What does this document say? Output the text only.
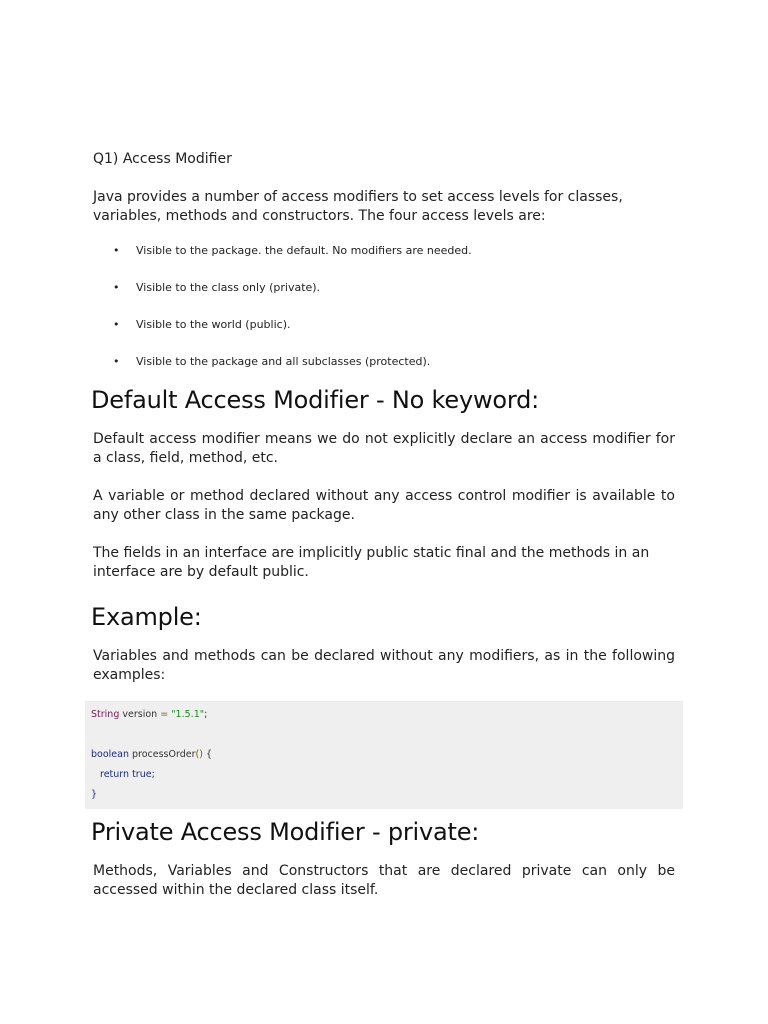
Q1) Access Modifier

Java provides a number of access modifiers to set access levels for classes, variables, methods and constructors. The four access levels are:

• Visible to the package. the default. No modifiers are needed.
• Visible to the class only (private).
• Visible to the world (public).
• Visible to the package and all subclasses (protected).
Default Access Modifier - No keyword:

Default access modifier means we do not explicitly declare an access modifier for a class, field, method, etc.

A variable or method declared without any access control modifier is available to any other class in the same package.

The fields in an interface are implicitly public static final and the methods in an interface are by default public.

Example:

Variables and methods can be declared without any modifiers, as in the following examples:

String version = "1.5.1";
boolean processOrder() {
return true;
}
Private Access Modifier - private:

Methods, Variables and Constructors that are declared private can only be accessed within the declared class itself.
